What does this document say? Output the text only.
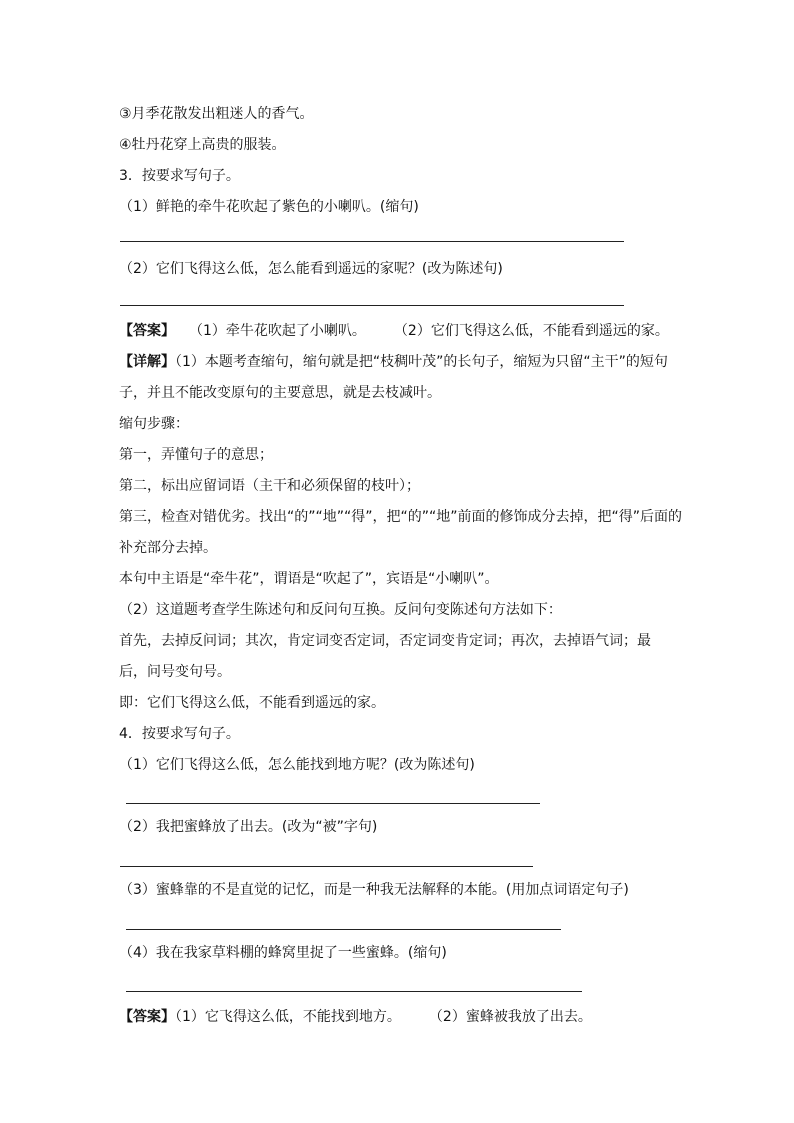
③月季花散发出粗迷人的香气。
④牡丹花穿上高贵的服装。
3．按要求写句子。
（1）鲜艳的牵牛花吹起了紫色的小喇叭。(缩句)
（2）它们飞得这么低，怎么能看到遥远的家呢？(改为陈述句)
【答案】 （1）牵牛花吹起了小喇叭。 （2）它们飞得这么低，不能看到遥远的家。
【详解】（1）本题考查缩句，缩句就是把“枝稠叶茂”的长句子，缩短为只留“主干”的短句
子，并且不能改变原句的主要意思，就是去枝减叶。
缩句步骤：
第一，弄懂句子的意思；
第二，标出应留词语（主干和必须保留的枝叶）；
第三，检查对错优劣。找出“的”“地”“得”，把“的”“地”前面的修饰成分去掉，把“得”后面的
补充部分去掉。
本句中主语是“牵牛花”，谓语是“吹起了”，宾语是“小喇叭”。
（2）这道题考查学生陈述句和反问句互换。反问句变陈述句方法如下：
首先，去掉反问词；其次，肯定词变否定词，否定词变肯定词；再次，去掉语气词；最
后，问号变句号。
即：它们飞得这么低，不能看到遥远的家。
4．按要求写句子。
（1）它们飞得这么低，怎么能找到地方呢？(改为陈述句)
（2）我把蜜蜂放了出去。(改为“被”字句)
（3）蜜蜂靠的不是直觉的记忆，而是一种我无法解释的本能。(用加点词语定句子)
（4）我在我家草料棚的蜂窝里捉了一些蜜蜂。(缩句)
【答案】（1）它飞得这么低，不能找到地方。 （2）蜜蜂被我放了出去。
